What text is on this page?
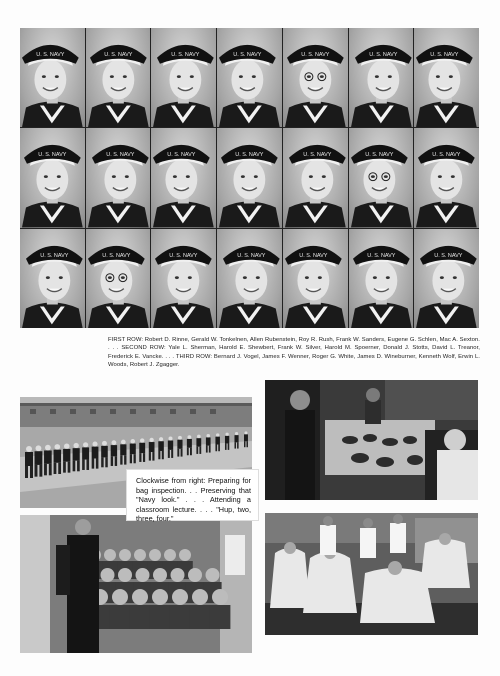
U. S. NAVY	U. S. NAVY	U. S. NAVY	U. S. NAVY	U. S. NAVY	U. S. NAVY	U. S. NAVY
U. S. NAVY	U. S. NAVY	U. S. NAVY	U. S. NAVY	U. S. NAVY	U. S. NAVY	U. S. NAVY
U. S. NAVY	U. S. NAVY	U. S. NAVY	U. S. NAVY	U. S. NAVY	U. S. NAVY	U. S. NAVY
FIRST ROW: Robert D. Rinne, Gerald W. Tonkelnen, Allen Rubenstein, Roy R. Rush, Frank W. Sanders, Eugene G. Schlen, Mac A. Sexton. . . . SECOND ROW: Yale L. Sherman, Harold E. Shewbert, Frank W. Silver, Harold M. Spoerner, Donald J. Stotts, David L. Treanor, Frederick E. Vancke. . . . THIRD ROW: Bernard J. Vogel, James F. Wenner, Roger G. White, James D. Wineburner, Kenneth Wolf, Erwin L. Woods, Robert J. Zgagger.
Clockwise from right: Preparing for bag inspection. . . Preserving that "Navy look." . . . Attending a classroom lecture. . . . "Hup, two, three, four."
